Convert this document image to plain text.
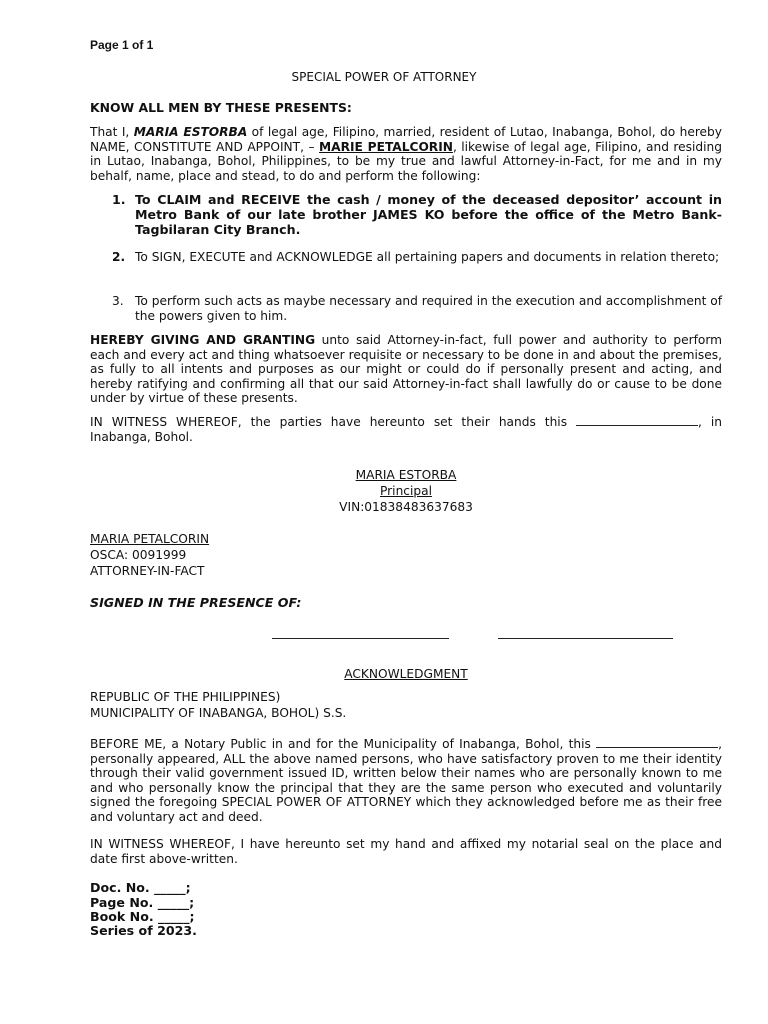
Page 1 of 1
SPECIAL POWER OF ATTORNEY
KNOW ALL MEN BY THESE PRESENTS:
That I, MARIA ESTORBA of legal age, Filipino, married, resident of Lutao, Inabanga, Bohol, do hereby NAME, CONSTITUTE AND APPOINT, – MARIE PETALCORIN, likewise of legal age, Filipino, and residing in Lutao, Inabanga, Bohol, Philippines, to be my true and lawful Attorney-in-Fact, for me and in my behalf, name, place and stead, to do and perform the following:
1. To CLAIM and RECEIVE the cash / money of the deceased depositor’ account in Metro Bank of our late brother JAMES KO before the office of the Metro Bank- Tagbilaran City Branch.
2. To SIGN, EXECUTE and ACKNOWLEDGE all pertaining papers and documents in relation thereto;
3. To perform such acts as maybe necessary and required in the execution and accomplishment of the powers given to him.
HEREBY GIVING AND GRANTING unto said Attorney-in-fact, full power and authority to perform each and every act and thing whatsoever requisite or necessary to be done in and about the premises, as fully to all intents and purposes as our might or could do if personally present and acting, and hereby ratifying and confirming all that our said Attorney-in-fact shall lawfully do or cause to be done under by virtue of these presents.
IN WITNESS WHEREOF, the parties have hereunto set their hands this	, in Inabanga, Bohol.
MARIA ESTORBA
Principal
VIN:01838483637683
MARIA PETALCORIN
OSCA: 0091999
ATTORNEY-IN-FACT
SIGNED IN THE PRESENCE OF:
ACKNOWLEDGMENT
REPUBLIC OF THE PHILIPPINES)
MUNICIPALITY OF INABANGA, BOHOL) S.S.
BEFORE ME, a Notary Public in and for the Municipality of Inabanga, Bohol, this	, personally appeared, ALL the above named persons, who have satisfactory proven to me their identity through their valid government issued ID, written below their names who are personally known to me and who personally know the principal that they are the same person who executed and voluntarily signed the foregoing SPECIAL POWER OF ATTORNEY which they acknowledged before me as their free and voluntary act and deed.
IN WITNESS WHEREOF, I have hereunto set my hand and affixed my notarial seal on the place and date first above-written.
Doc. No. _____;
Page No. _____;
Book No. _____;
Series of 2023.
